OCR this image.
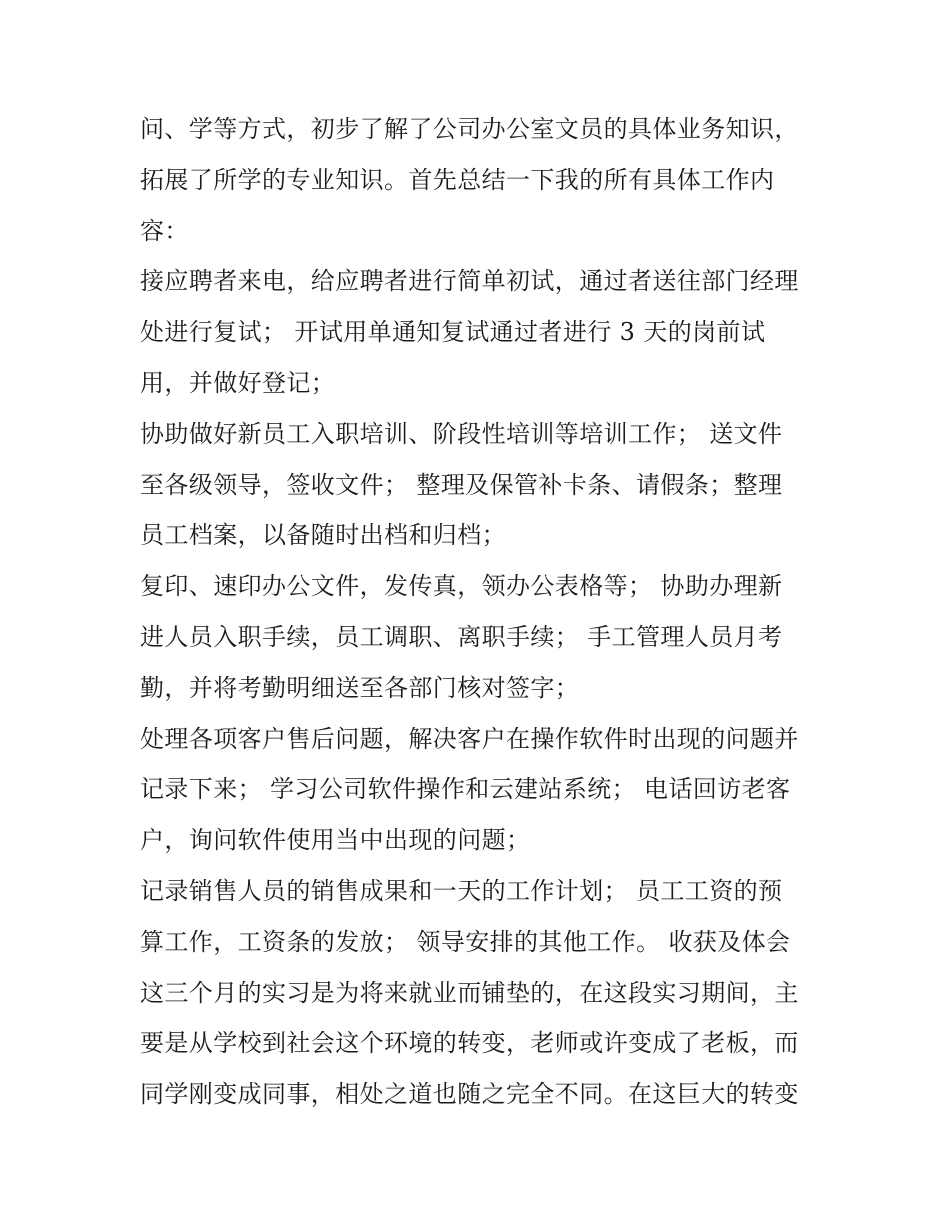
问、学等方式，初步了解了公司办公室文员的具体业务知识，
拓展了所学的专业知识。首先总结一下我的所有具体工作内
容：
接应聘者来电，给应聘者进行简单初试，通过者送往部门经理
处进行复试； 开试用单通知复试通过者进行 3 天的岗前试
用，并做好登记；
协助做好新员工入职培训、阶段性培训等培训工作； 送文件
至各级领导，签收文件； 整理及保管补卡条、请假条；整理
员工档案，以备随时出档和归档；
复印、速印办公文件，发传真，领办公表格等； 协助办理新
进人员入职手续，员工调职、离职手续； 手工管理人员月考
勤，并将考勤明细送至各部门核对签字；
处理各项客户售后问题，解决客户在操作软件时出现的问题并
记录下来； 学习公司软件操作和云建站系统； 电话回访老客
户，询问软件使用当中出现的问题；
记录销售人员的销售成果和一天的工作计划； 员工工资的预
算工作，工资条的发放； 领导安排的其他工作。 收获及体会
这三个月的实习是为将来就业而铺垫的，在这段实习期间，主
要是从学校到社会这个环境的转变，老师或许变成了老板，而
同学刚变成同事，相处之道也随之完全不同。在这巨大的转变
